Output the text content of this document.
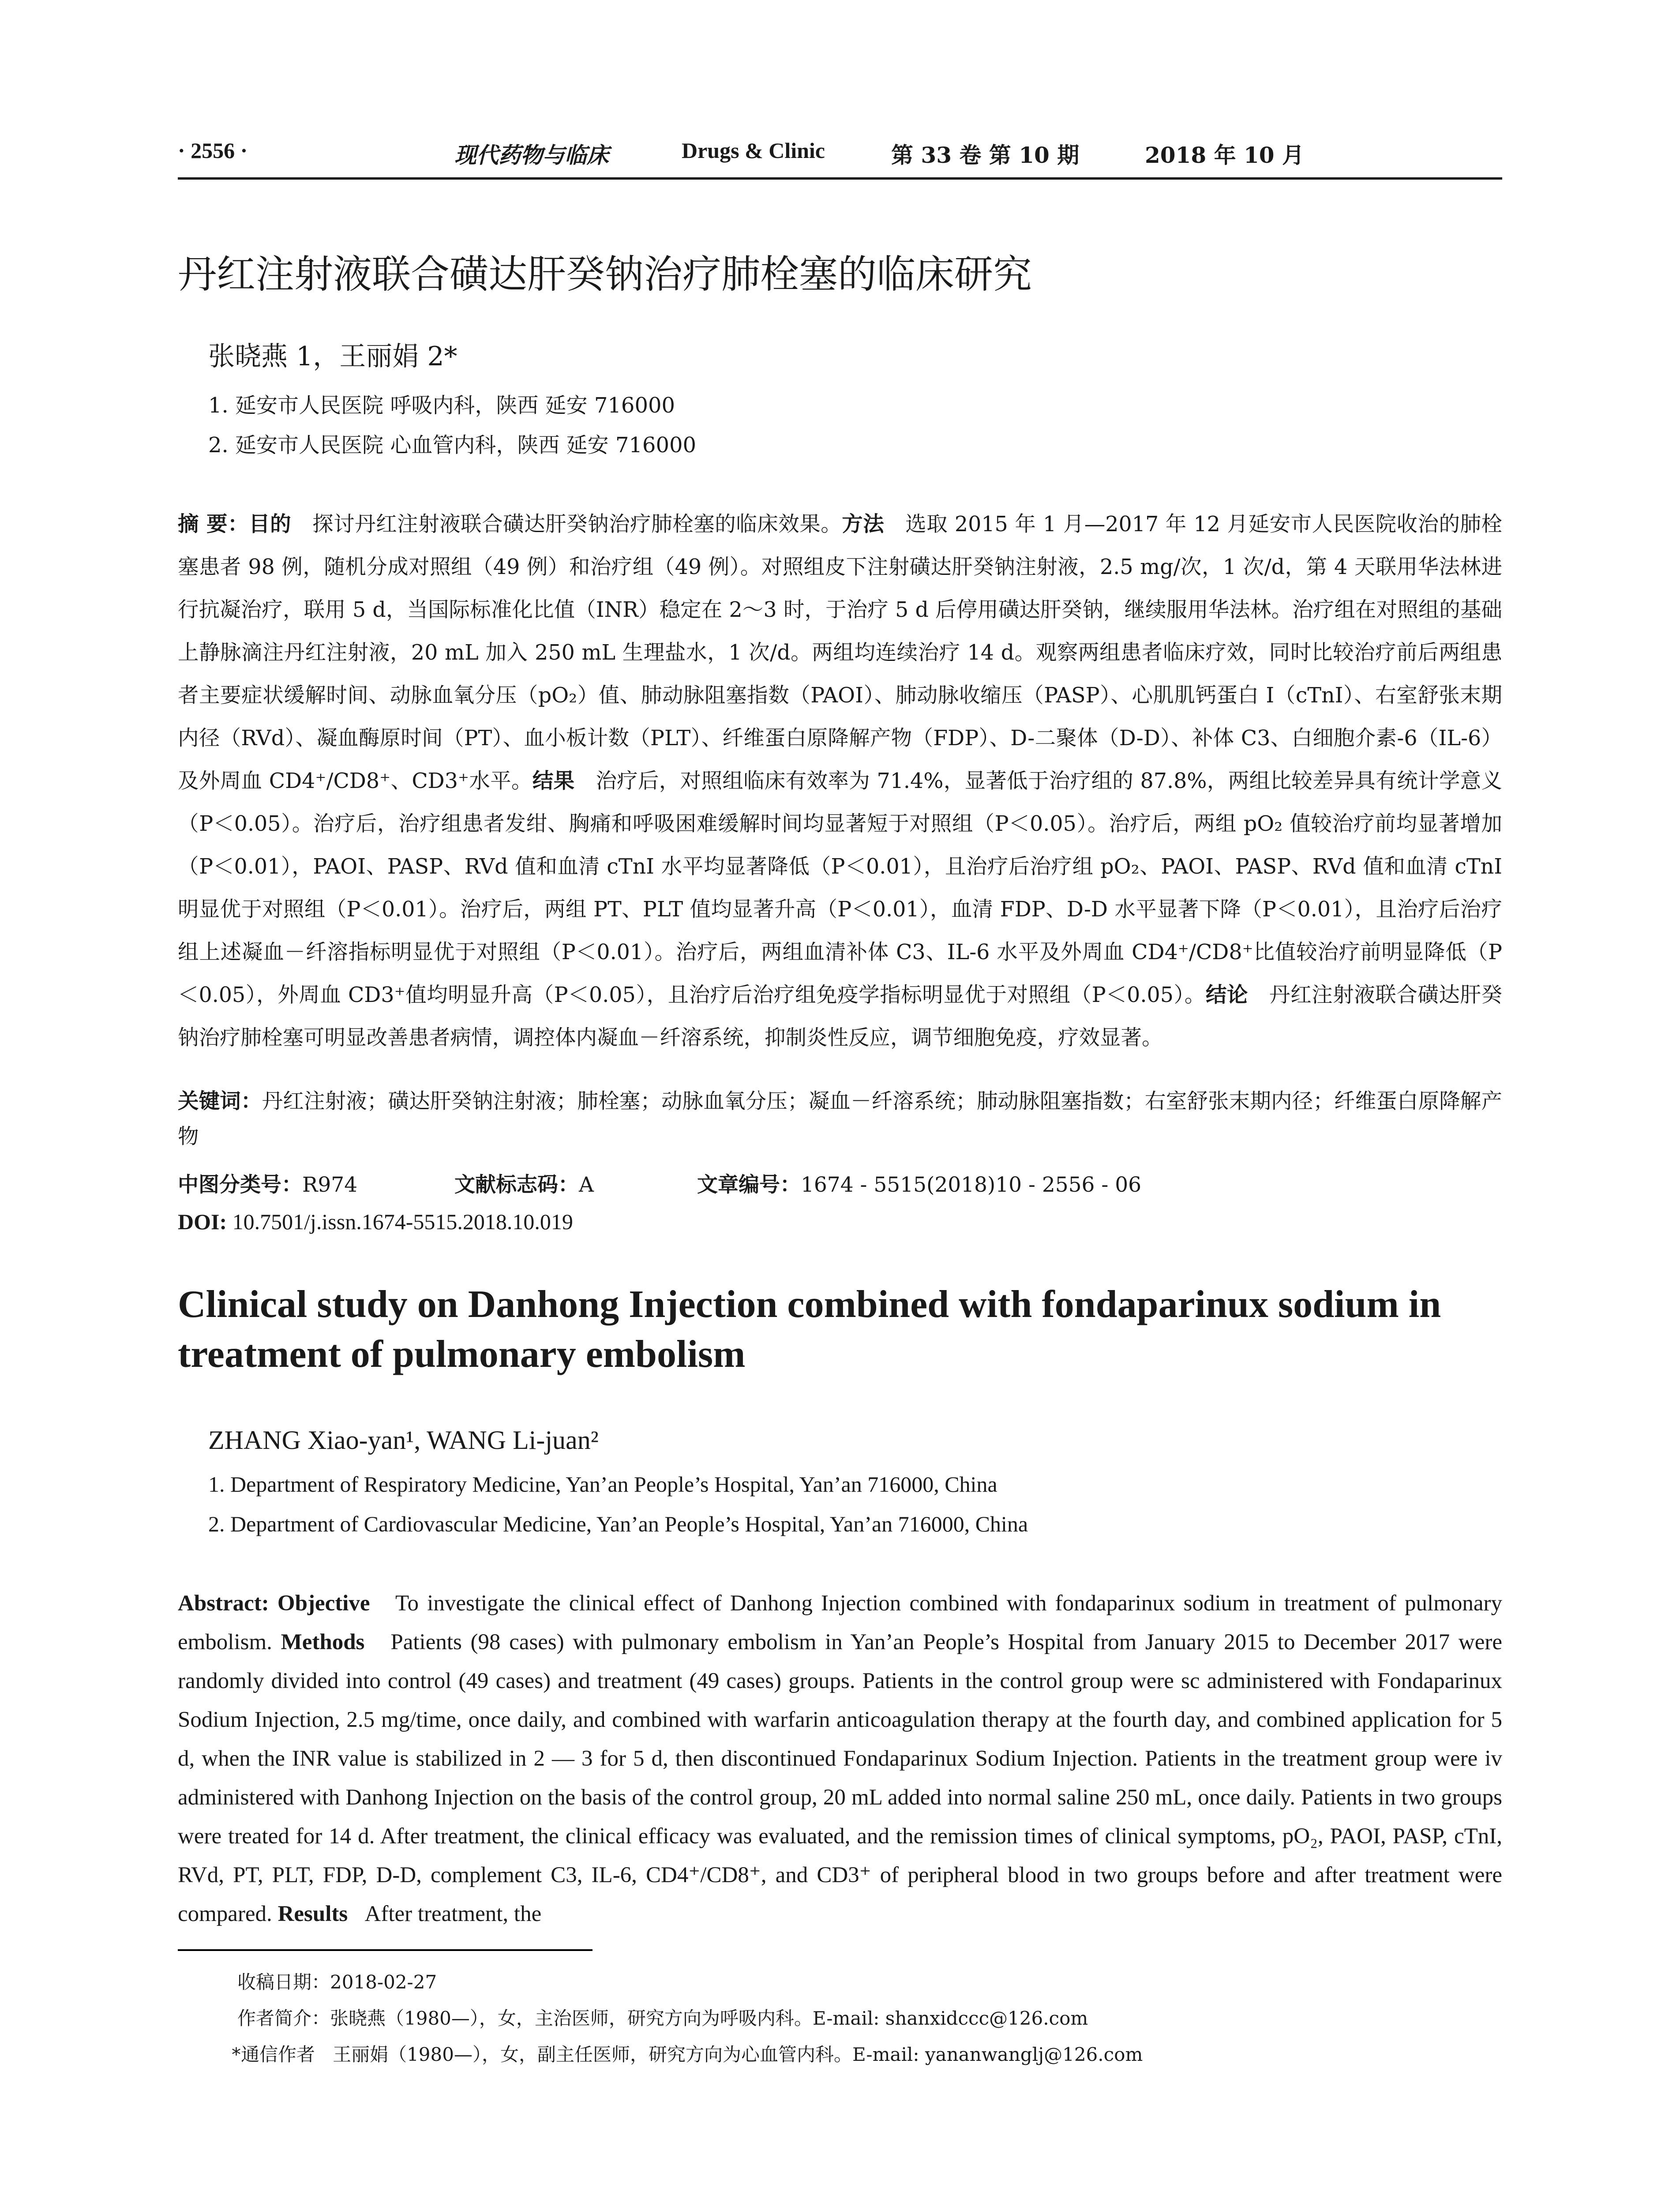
· 2556 ·	现代药物与临床	Drugs & Clinic	第 33 卷 第 10 期	2018 年 10 月
丹红注射液联合磺达肝癸钠治疗肺栓塞的临床研究
张晓燕 1，王丽娟 2*
1. 延安市人民医院 呼吸内科，陕西 延安 716000
2. 延安市人民医院 心血管内科，陕西 延安 716000
摘 要：目的　 探讨丹红注射液联合磺达肝癸钠治疗肺栓塞的临床效果。方法　 选取 2015 年 1 月—2017 年 12 月延安市人民医院收治的肺栓塞患者 98 例，随机分成对照组（49 例）和治疗组（49 例）。对照组皮下注射磺达肝癸钠注射液，2.5 mg/次，1 次/d，第 4 天联用华法林进行抗凝治疗，联用 5 d，当国际标准化比值（INR）稳定在 2～3 时，于治疗 5 d 后停用磺达肝癸钠，继续服用华法林。治疗组在对照组的基础上静脉滴注丹红注射液，20 mL 加入 250 mL 生理盐水，1 次/d。两组均连续治疗 14 d。观察两组患者临床疗效，同时比较治疗前后两组患者主要症状缓解时间、动脉血氧分压（pO₂）值、肺动脉阻塞指数（PAOI）、肺动脉收缩压（PASP）、心肌肌钙蛋白 I（cTnI）、右室舒张末期内径（RVd）、凝血酶原时间（PT）、血小板计数（PLT）、纤维蛋白原降解产物（FDP）、D-二聚体（D-D）、补体 C3、白细胞介素-6（IL-6）及外周血 CD4⁺/CD8⁺、CD3⁺水平。结果　 治疗后，对照组临床有效率为 71.4%，显著低于治疗组的 87.8%，两组比较差异具有统计学意义（P＜0.05）。治疗后，治疗组患者发绀、胸痛和呼吸困难缓解时间均显著短于对照组（P＜0.05）。治疗后，两组 pO₂ 值较治疗前均显著增加（P＜0.01），PAOI、PASP、RVd 值和血清 cTnI 水平均显著降低（P＜0.01），且治疗后治疗组 pO₂、PAOI、PASP、RVd 值和血清 cTnI 明显优于对照组（P＜0.01）。治疗后，两组 PT、PLT 值均显著升高（P＜0.01），血清 FDP、D-D 水平显著下降（P＜0.01），且治疗后治疗组上述凝血－纤溶指标明显优于对照组（P＜0.01）。治疗后，两组血清补体 C3、IL-6 水平及外周血 CD4⁺/CD8⁺比值较治疗前明显降低（P＜0.05），外周血 CD3⁺值均明显升高（P＜0.05），且治疗后治疗组免疫学指标明显优于对照组（P＜0.05）。结论　 丹红注射液联合磺达肝癸钠治疗肺栓塞可明显改善患者病情，调控体内凝血－纤溶系统，抑制炎性反应，调节细胞免疫，疗效显著。
关键词：丹红注射液；磺达肝癸钠注射液；肺栓塞；动脉血氧分压；凝血－纤溶系统；肺动脉阻塞指数；右室舒张末期内径；纤维蛋白原降解产物
中图分类号：R974	文献标志码：A	文章编号：1674 - 5515(2018)10 - 2556 - 06
DOI: 10.7501/j.issn.1674-5515.2018.10.019
Clinical study on Danhong Injection combined with fondaparinux sodium in treatment of pulmonary embolism
ZHANG Xiao-yan¹, WANG Li-juan²
1. Department of Respiratory Medicine, Yan’an People’s Hospital, Yan’an 716000, China
2. Department of Cardiovascular Medicine, Yan’an People’s Hospital, Yan’an 716000, China
Abstract: Objective To investigate the clinical effect of Danhong Injection combined with fondaparinux sodium in treatment of pulmonary embolism. Methods Patients (98 cases) with pulmonary embolism in Yan’an People’s Hospital from January 2015 to December 2017 were randomly divided into control (49 cases) and treatment (49 cases) groups. Patients in the control group were sc administered with Fondaparinux Sodium Injection, 2.5 mg/time, once daily, and combined with warfarin anticoagulation therapy at the fourth day, and combined application for 5 d, when the INR value is stabilized in 2 — 3 for 5 d, then discontinued Fondaparinux Sodium Injection. Patients in the treatment group were iv administered with Danhong Injection on the basis of the control group, 20 mL added into normal saline 250 mL, once daily. Patients in two groups were treated for 14 d. After treatment, the clinical efficacy was evaluated, and the remission times of clinical symptoms, pO₂, PAOI, PASP, cTnI, RVd, PT, PLT, FDP, D-D, complement C3, IL-6, CD4⁺/CD8⁺, and CD3⁺ of peripheral blood in two groups before and after treatment were compared. Results After treatment, the
收稿日期：2018-02-27
作者简介：张晓燕（1980—），女，主治医师，研究方向为呼吸内科。E-mail: shanxidccc@126.com
*通信作者 王丽娟（1980—），女，副主任医师，研究方向为心血管内科。E-mail: yananwanglj@126.com
